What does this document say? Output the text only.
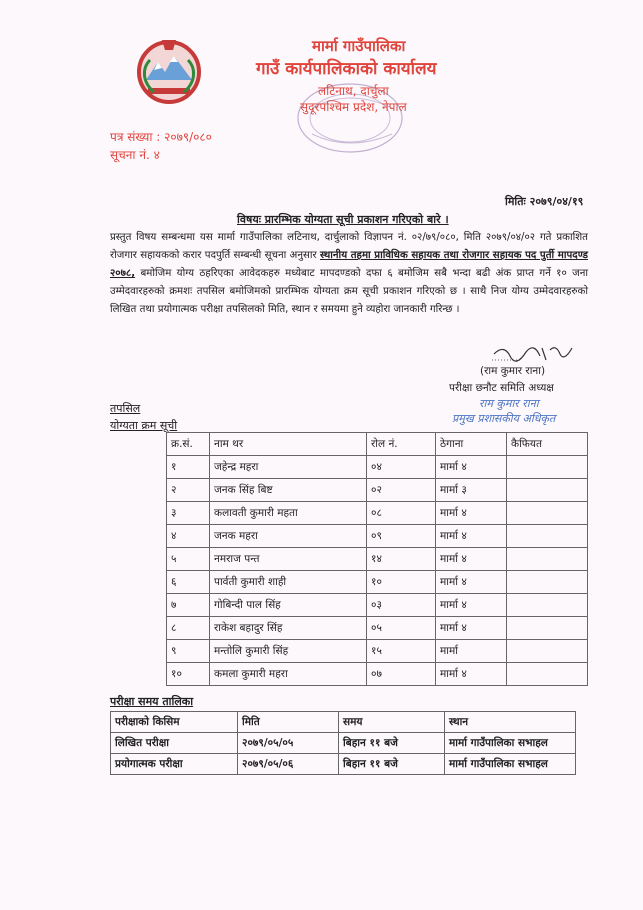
मार्मा गाउँपालिका
गाउँ कार्यपालिकाको कार्यालय
लटिनाथ, दार्चुला
सुदूरपश्चिम प्रदेश, नेपाल
पत्र संख्या : २०७९/०८०
सूचना नं. ४
मितिः २०७९/०४/१९
विषयः प्रारम्भिक योग्यता सूची प्रकाशन गरिएको बारे ।
प्रस्तुत विषय सम्बन्धमा यस मार्मा गाउँपालिका लटिनाथ, दार्चुलाको विज्ञापन नं. ०२/७९/०८०, मिति २०७९/०४/०२ गते प्रकाशित रोजगार सहायकको करार पदपुर्ति सम्बन्धी सूचना अनुसार स्थानीय तहमा प्राविधिक सहायक तथा रोजगार सहायक पद पुर्ती मापदण्ड २०७८, बमोजिम योग्य ठहरिएका आवेदकहरु मध्येबाट मापदण्डको दफा ६ बमोजिम सबै भन्दा बढी अंक प्राप्त गर्ने १० जना उम्मेदवारहरुको क्रमशः तपसिल बमोजिमको प्रारम्भिक योग्यता क्रम सूची प्रकाशन गरिएको छ । साथै निज योग्य उम्मेदवारहरुको लिखित तथा प्रयोगात्मक परीक्षा तपसिलको मिति, स्थान र समयमा हुने व्यहोरा जानकारी गरिन्छ ।
(राम कुमार राना)
परीक्षा छनौट समिति अध्यक्ष
राम कुमार राना
प्रमुख प्रशासकीय अधिकृत
तपसिल
योग्यता क्रम सूची
क्र.सं.	नाम थर	रोल नं.	ठेगाना	कैफियत
१	जहेन्द्र महरा	०४	मार्मा ४	
२	जनक सिंह बिष्ट	०२	मार्मा ३	
३	कलावती कुमारी महता	०८	मार्मा ४	
४	जनक महरा	०९	मार्मा ४	
५	नमराज पन्त	१४	मार्मा ४	
६	पार्वती कुमारी शाही	१०	मार्मा ४	
७	गोबिन्दी पाल सिंह	०३	मार्मा ४	
८	राकेश बहादुर सिंह	०५	मार्मा ४	
९	मन्तोलि कुमारी सिंह	१५	मार्मा	
१०	कमला कुमारी महरा	०७	मार्मा ४	
परीक्षा समय तालिका
परीक्षाको किसिम	मिति	समय	स्थान
लिखित परीक्षा	२०७९/०५/०५	बिहान ११ बजे	मार्मा गाउँपालिका सभाहल
प्रयोगात्मक परीक्षा	२०७९/०५/०६	बिहान ११ बजे	मार्मा गाउँपालिका सभाहल
